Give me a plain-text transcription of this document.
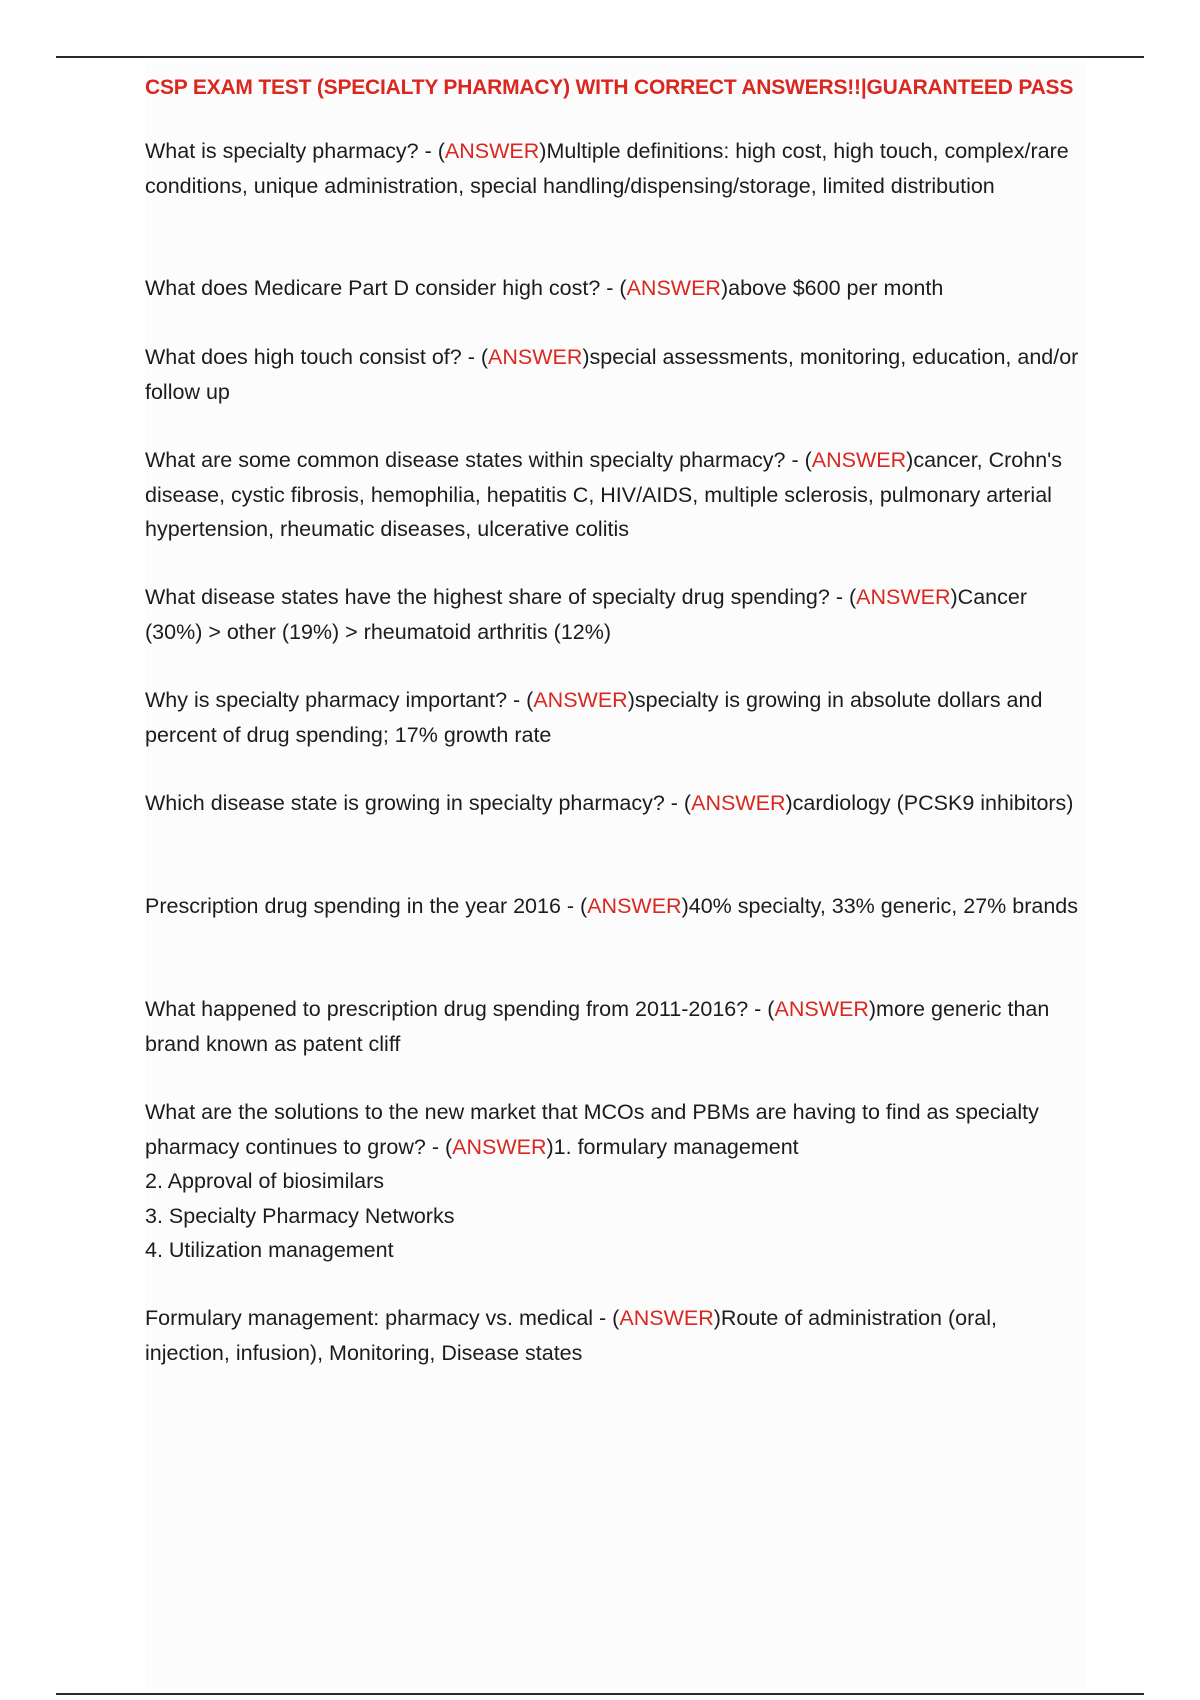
CSP EXAM TEST (SPECIALTY PHARMACY) WITH CORRECT ANSWERS!!|GUARANTEED PASS

What is specialty pharmacy? - (ANSWER)Multiple definitions: high cost, high touch, complex/rare conditions, unique administration, special handling/dispensing/storage, limited distribution

What does Medicare Part D consider high cost? - (ANSWER)above $600 per month

What does high touch consist of? - (ANSWER)special assessments, monitoring, education, and/or follow up

What are some common disease states within specialty pharmacy? - (ANSWER)cancer, Crohn's disease, cystic fibrosis, hemophilia, hepatitis C, HIV/AIDS, multiple sclerosis, pulmonary arterial hypertension, rheumatic diseases, ulcerative colitis

What disease states have the highest share of specialty drug spending? - (ANSWER)Cancer (30%) > other (19%) > rheumatoid arthritis (12%)

Why is specialty pharmacy important? - (ANSWER)specialty is growing in absolute dollars and percent of drug spending; 17% growth rate

Which disease state is growing in specialty pharmacy? - (ANSWER)cardiology (PCSK9 inhibitors)

Prescription drug spending in the year 2016 - (ANSWER)40% specialty, 33% generic, 27% brands

What happened to prescription drug spending from 2011-2016? - (ANSWER)more generic than brand known as patent cliff

What are the solutions to the new market that MCOs and PBMs are having to find as specialty pharmacy continues to grow? - (ANSWER)1. formulary management
2. Approval of biosimilars
3. Specialty Pharmacy Networks
4. Utilization management

Formulary management: pharmacy vs. medical - (ANSWER)Route of administration (oral, injection, infusion), Monitoring, Disease states
